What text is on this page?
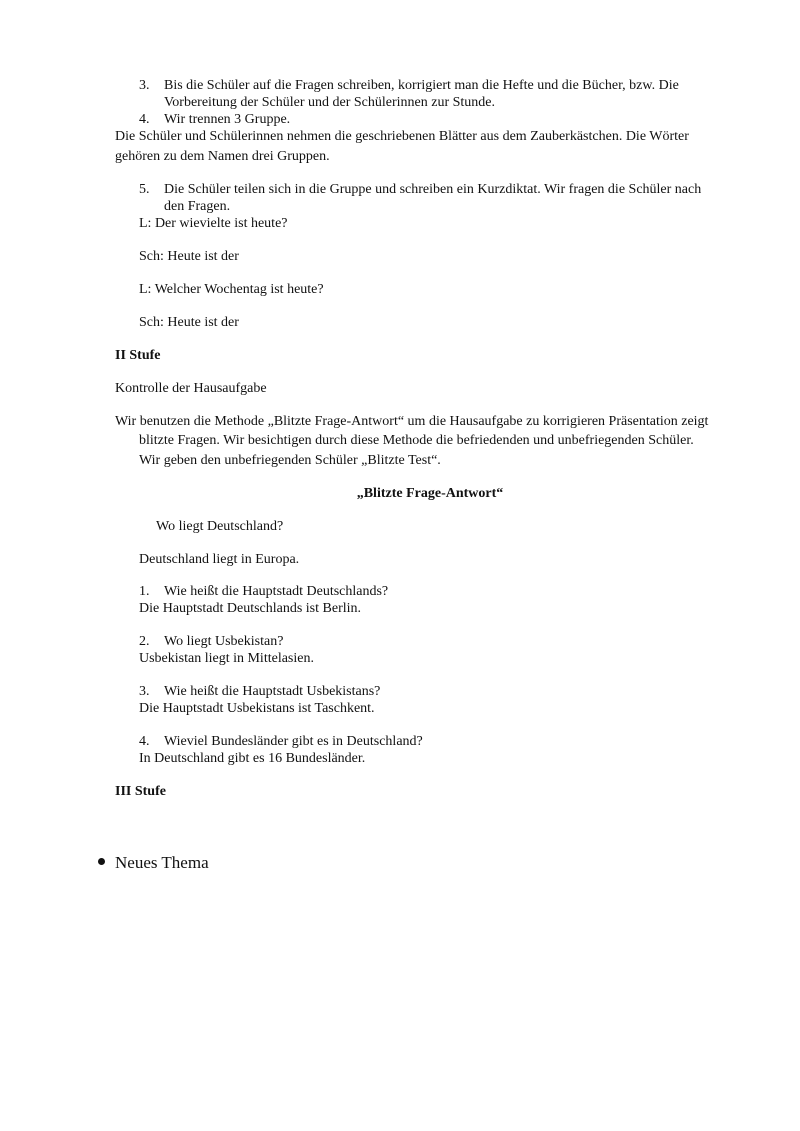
3. Bis die Schüler auf die Fragen schreiben, korrigiert man die Hefte und die Bücher, bzw. Die
Vorbereitung der Schüler und der Schülerinnen zur Stunde.
4. Wir trennen 3 Gruppe.
Die Schüler und Schülerinnen nehmen die geschriebenen Blätter aus dem Zauberkästchen. Die Wörter
gehören zu dem Namen drei Gruppen.
5. Die Schüler teilen sich in die Gruppe und schreiben ein Kurzdiktat. Wir fragen die Schüler nach
den Fragen.
L: Der wievielte ist heute?
Sch: Heute ist der
L: Welcher Wochentag ist heute?
Sch: Heute ist der
II Stufe
Kontrolle der Hausaufgabe
Wir benutzen die Methode „Blitzte Frage-Antwort“ um die Hausaufgabe zu korrigieren Präsentation zeigt
blitzte Fragen. Wir besichtigen durch diese Methode die befriedenden und unbefriegenden Schüler.
Wir geben den unbefriegenden Schüler „Blitzte Test“.
„Blitzte Frage-Antwort“
Wo liegt Deutschland?
Deutschland liegt in Europa.
1. Wie heißt die Hauptstadt Deutschlands?
Die Hauptstadt Deutschlands ist Berlin.
2. Wo liegt Usbekistan?
Usbekistan liegt in Mittelasien.
3. Wie heißt die Hauptstadt Usbekistans?
Die Hauptstadt Usbekistans ist Taschkent.
4. Wieviel Bundesländer gibt es in Deutschland?
In Deutschland gibt es 16 Bundesländer.
III Stufe
Neues Thema
